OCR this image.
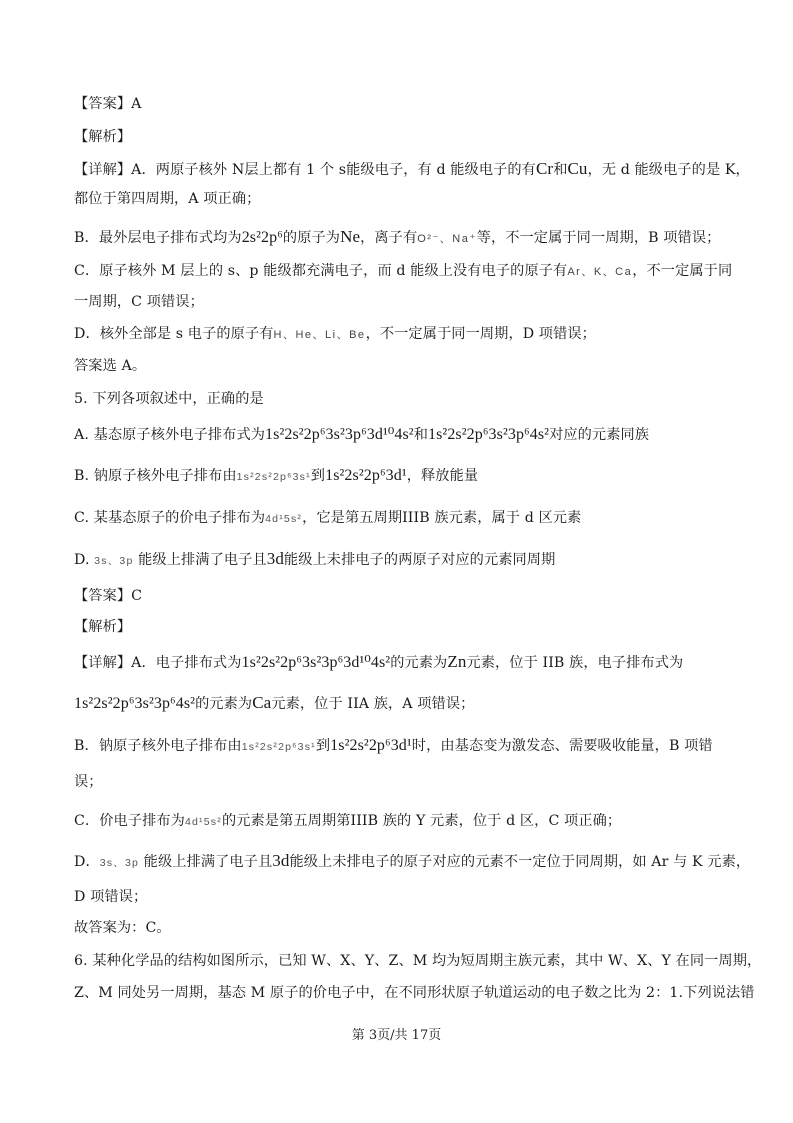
【答案】A
【解析】
【详解】A．两原子核外 N层上都有 1 个 s能级电子，有 d 能级电子的有Cr和Cu，无 d 能级电子的是 K，
都位于第四周期，A 项正确；
B．最外层电子排布式均为2s²2p⁶的原子为Ne，离子有O²⁻、Na⁺等，不一定属于同一周期，B 项错误；
C．原子核外 M 层上的 s、p 能级都充满电子，而 d 能级上没有电子的原子有Ar、K、Ca，不一定属于同
一周期，C 项错误；
D．核外全部是 s 电子的原子有H、He、Li、Be，不一定属于同一周期，D 项错误；
答案选 A。
5. 下列各项叙述中，正确的是
A. 基态原子核外电子排布式为1s²2s²2p⁶3s²3p⁶3d¹⁰4s²和1s²2s²2p⁶3s²3p⁶4s²对应的元素同族
B. 钠原子核外电子排布由1s²2s²2p⁶3s¹到1s²2s²2p⁶3d¹，释放能量
C. 某基态原子的价电子排布为4d¹5s²，它是第五周期IIIB 族元素，属于 d 区元素
D. 3s、3p 能级上排满了电子且3d能级上未排电子的两原子对应的元素同周期
【答案】C
【解析】
【详解】A．电子排布式为1s²2s²2p⁶3s²3p⁶3d¹⁰4s²的元素为Zn元素，位于 IIB 族，电子排布式为
1s²2s²2p⁶3s²3p⁶4s²的元素为Ca元素，位于 IIA 族，A 项错误；
B．钠原子核外电子排布由1s²2s²2p⁶3s¹到1s²2s²2p⁶3d¹时，由基态变为激发态、需要吸收能量，B 项错
误；
C．价电子排布为4d¹5s²的元素是第五周期第IIIB 族的 Y 元素，位于 d 区，C 项正确；
D．3s、3p 能级上排满了电子且3d能级上未排电子的原子对应的元素不一定位于同周期，如 Ar 与 K 元素，
D 项错误；
故答案为：C。
6. 某种化学品的结构如图所示，已知 W、X、Y、Z、M 均为短周期主族元素，其中 W、X、Y 在同一周期，
Z、M 同处另一周期，基态 M 原子的价电子中，在不同形状原子轨道运动的电子数之比为 2：1.下列说法错
第 3页/共 17页
